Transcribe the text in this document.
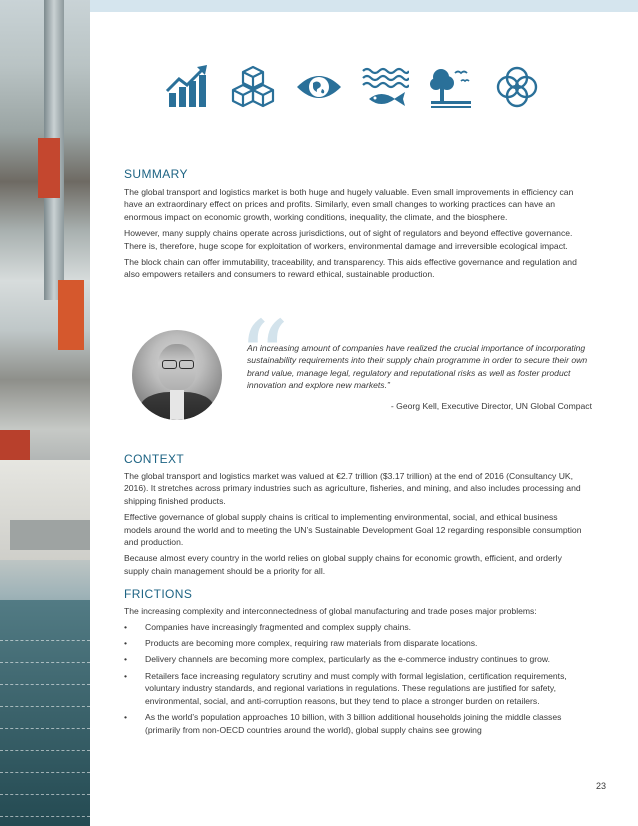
SUMMARY

The global transport and logistics market is both huge and hugely valuable. Even small improvements in efficiency can have an extraordinary effect on prices and profits. Similarly, even small changes to working practices can have an enormous impact on economic growth, working conditions, inequality, the climate, and the biosphere.

However, many supply chains operate across jurisdictions, out of sight of regulators and beyond effective governance. There is, therefore, huge scope for exploitation of workers, environmental damage and irreversible ecological impact.

The block chain can offer immutability, traceability, and transparency. This aids effective governance and regulation and also empowers retailers and consumers to reward ethical, sustainable production.

“

An increasing amount of companies have realized the crucial importance of incorporating sustainability requirements into their supply chain programme in order to secure their own brand value, manage legal, regulatory and reputational risks as well as foster product innovation and explore new markets.”

- Georg Kell, Executive Director, UN Global Compact

CONTEXT

The global transport and logistics market was valued at €2.7 trillion ($3.17 trillion) at the end of 2016 (Consultancy UK, 2016). It stretches across primary industries such as agriculture, fisheries, and mining, and also includes processing and shipping finished products.

Effective governance of global supply chains is critical to implementing environmental, social, and ethical business models around the world and to meeting the UN’s Sustainable Development Goal 12 regarding responsible consumption and production.

Because almost every country in the world relies on global supply chains for economic growth, efficient, and orderly supply chain management should be a priority for all.

FRICTIONS

The increasing complexity and interconnectedness of global manufacturing and trade poses major problems:

• Companies have increasingly fragmented and complex supply chains.
• Products are becoming more complex, requiring raw materials from disparate locations.
• Delivery channels are becoming more complex, particularly as the e-commerce industry continues to grow.
• Retailers face increasing regulatory scrutiny and must comply with formal legislation, certification requirements, voluntary industry standards, and regional variations in regulations. These regulations are justified for safety, environmental, social, and anti-corruption reasons, but they tend to place a stronger burden on retailers.
• As the world’s population approaches 10 billion, with 3 billion additional households joining the middle classes (primarily from non-OECD countries around the world), global supply chains see growing
23
